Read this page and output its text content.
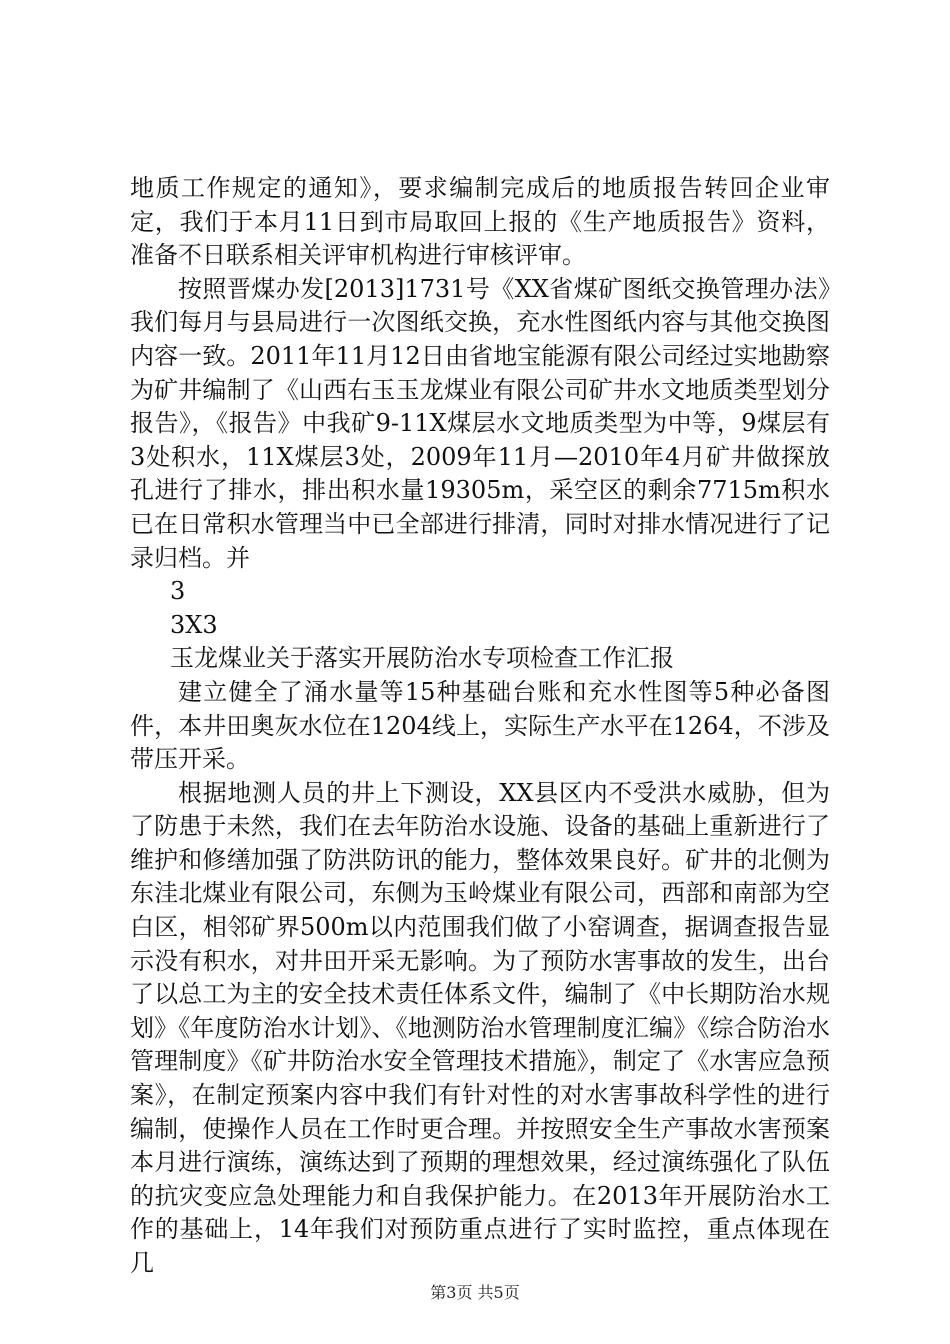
地质工作规定的通知》，要求编制完成后的地质报告转回企业审定，我们于本月11日到市局取回上报的《生产地质报告》资料，准备不日联系相关评审机构进行审核评审。

按照晋煤办发[2013]1731号《XX省煤矿图纸交换管理办法》我们每月与县局进行一次图纸交换，充水性图纸内容与其他交换图内容一致。2011年11月12日由省地宝能源有限公司经过实地勘察为矿井编制了《山西右玉玉龙煤业有限公司矿井水文地质类型划分报告》，《报告》中我矿9-11X煤层水文地质类型为中等，9煤层有3处积水，11X煤层3处，2009年11月—2010年4月矿井做探放孔进行了排水，排出积水量19305m，采空区的剩余7715m积水已在日常积水管理当中已全部进行排清，同时对排水情况进行了记录归档。并

3

3X3

玉龙煤业关于落实开展防治水专项检查工作汇报

建立健全了涌水量等15种基础台账和充水性图等5种必备图件，本井田奥灰水位在1204线上，实际生产水平在1264，不涉及带压开采。

根据地测人员的井上下测设，XX县区内不受洪水威胁，但为了防患于未然，我们在去年防治水设施、设备的基础上重新进行了维护和修缮加强了防洪防讯的能力，整体效果良好。矿井的北侧为东洼北煤业有限公司，东侧为玉岭煤业有限公司，西部和南部为空白区，相邻矿界500m以内范围我们做了小窑调查，据调查报告显示没有积水，对井田开采无影响。为了预防水害事故的发生，出台了以总工为主的安全技术责任体系文件，编制了《中长期防治水规划》《年度防治水计划》、《地测防治水管理制度汇编》《综合防治水管理制度》《矿井防治水安全管理技术措施》，制定了《水害应急预案》，在制定预案内容中我们有针对性的对水害事故科学性的进行编制，使操作人员在工作时更合理。并按照安全生产事故水害预案本月进行演练，演练达到了预期的理想效果，经过演练强化了队伍的抗灾变应急处理能力和自我保护能力。在2013年开展防治水工作的基础上，14年我们对预防重点进行了实时监控，重点体现在几

第3页 共5页
